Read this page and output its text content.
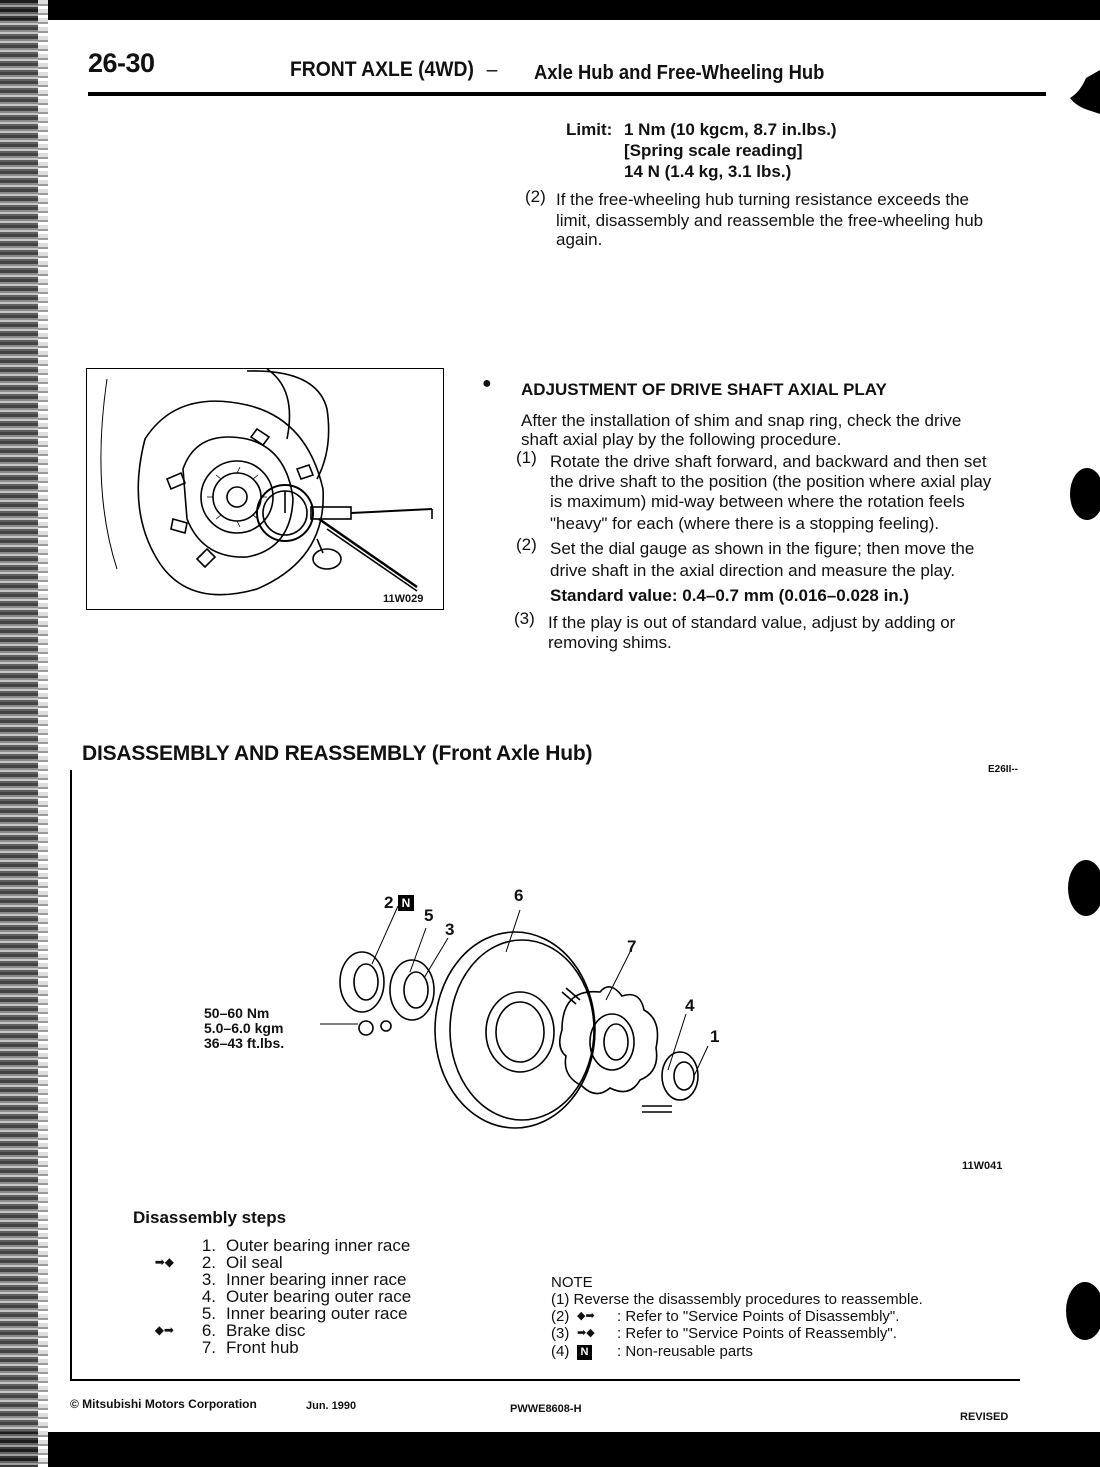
26-30	FRONT AXLE (4WD) –	Axle Hub and Free-Wheeling Hub
Limit: 1 Nm (10 kgcm, 8.7 in.lbs.)
[Spring scale reading]
14 N (1.4 kg, 3.1 lbs.)
(2) If the free-wheeling hub turning resistance exceeds the
limit, disassembly and reassemble the free-wheeling hub
again.
11W029
● ADJUSTMENT OF DRIVE SHAFT AXIAL PLAY
After the installation of shim and snap ring, check the drive
shaft axial play by the following procedure.
(1) Rotate the drive shaft forward, and backward and then set
the drive shaft to the position (the position where axial play
is maximum) mid-way between where the rotation feels
"heavy" for each (where there is a stopping feeling).
(2) Set the dial gauge as shown in the figure; then move the
drive shaft in the axial direction and measure the play.
Standard value: 0.4–0.7 mm (0.016–0.028 in.)
(3) If the play is out of standard value, adjust by adding or
removing shims.
DISASSEMBLY AND REASSEMBLY (Front Axle Hub)
E26II--
2 N
5
3
6
7
4
1
50–60 Nm
5.0–6.0 kgm
36–43 ft.lbs.
11W041
Disassembly steps
1. Outer bearing inner race
➡◆	2. Oil seal
3. Inner bearing inner race
4. Outer bearing outer race
5. Inner bearing outer race
◆➡	6. Brake disc
7. Front hub
NOTE
(1) Reverse the disassembly procedures to reassemble.
(2) ◆➡	: Refer to "Service Points of Disassembly".
(3) ➡◆	: Refer to "Service Points of Reassembly".
(4)	N	: Non-reusable parts
© Mitsubishi Motors Corporation	Jun. 1990	PWWE8608-H
REVISED
